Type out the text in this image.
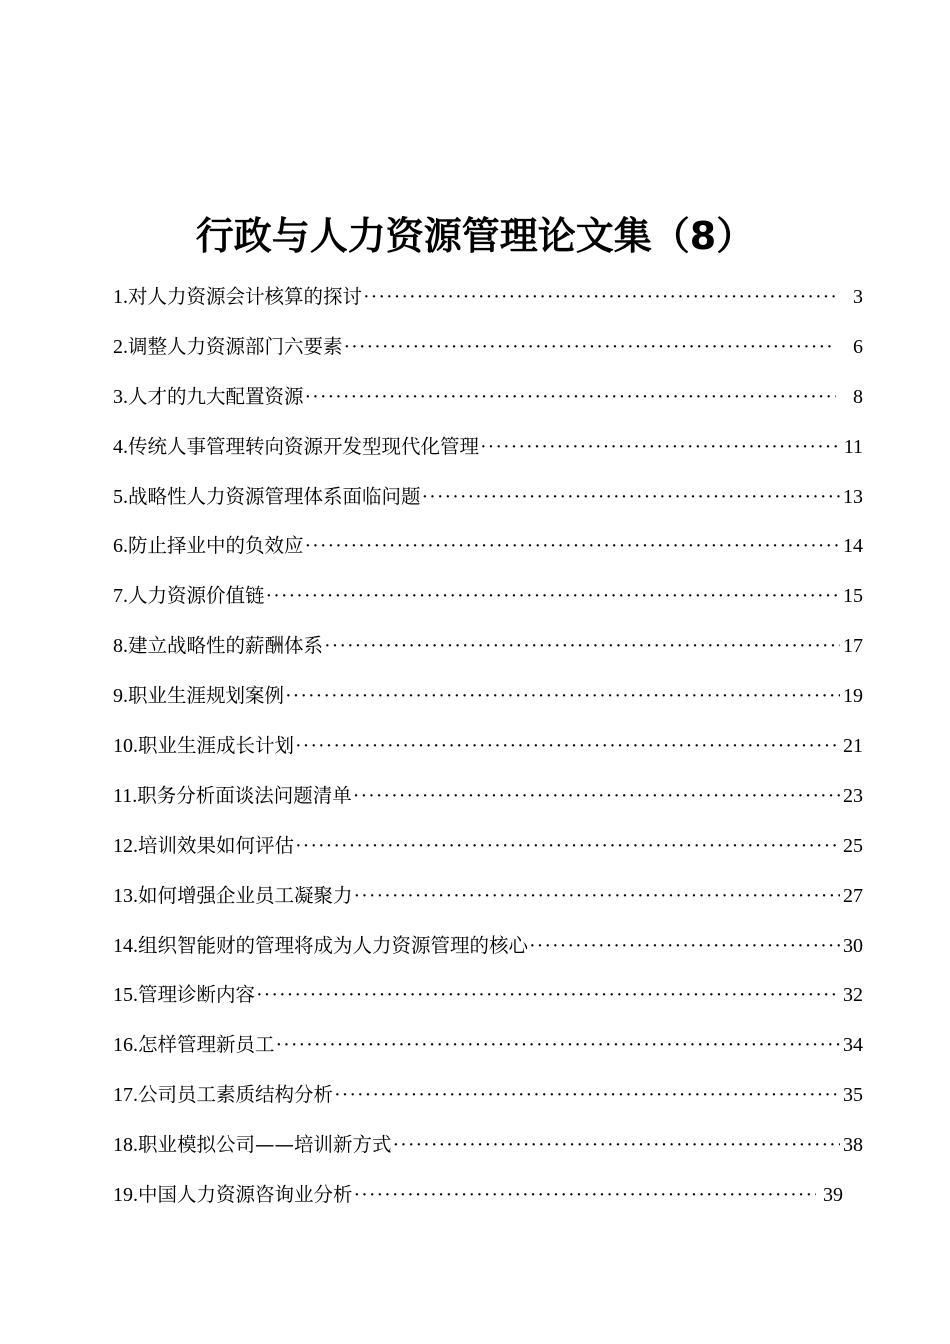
行政与人力资源管理论文集（8）
1. 对人力资源会计核算的探讨 ·····	3
2. 调整人力资源部门六要素 ·····	6
3. 人才的九大配置资源 ·····	8
4. 传统人事管理转向资源开发型现代化管理 ·····	11
5. 战略性人力资源管理体系面临问题 ·····	13
6. 防止择业中的负效应 ·····	14
7. 人力资源价值链 ·····	15
8. 建立战略性的薪酬体系 ·····	17
9. 职业生涯规划案例 ·····	19
10. 职业生涯成长计划 ·····	21
11. 职务分析面谈法问题清单 ·····	23
12. 培训效果如何评估 ·····	25
13. 如何增强企业员工凝聚力 ·····	27
14. 组织智能财的管理将成为人力资源管理的核心 ·····	30
15. 管理诊断内容 ·····	32
16. 怎样管理新员工 ·····	34
17. 公司员工素质结构分析 ·····	35
18. 职业模拟公司——培训新方式 ·····	38
19. 中国人力资源咨询业分析 ·····	39
